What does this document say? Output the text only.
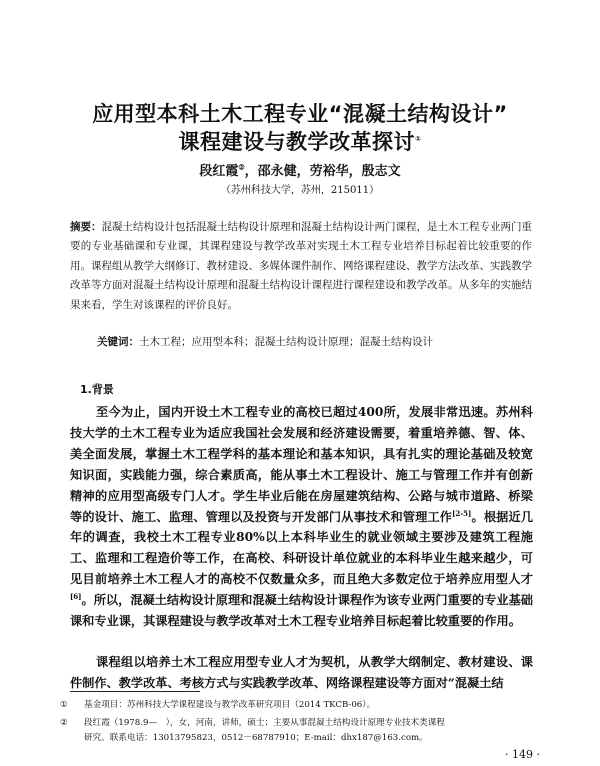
应用型本科土木工程专业“混凝土结构设计”
课程建设与教学改革探讨①
段红霞②，邵永健，劳裕华，殷志文
（苏州科技大学，苏州，215011）

摘要：混凝土结构设计包括混凝土结构设计原理和混凝土结构设计两门课程，是土木工程专业两门重要的专业基础课和专业课，其课程建设与教学改革对实现土木工程专业培养目标起着比较重要的作用。课程组从教学大纲修订、教材建设、多媒体课件制作、网络课程建设、教学方法改革、实践教学改革等方面对混凝土结构设计原理和混凝土结构设计课程进行课程建设和教学改革。从多年的实施结果来看，学生对该课程的评价良好。

关键词：土木工程；应用型本科；混凝土结构设计原理；混凝土结构设计

1.背景

至今为止，国内开设土木工程专业的高校已超过400所，发展非常迅速。苏州科技大学的土木工程专业为适应我国社会发展和经济建设需要，着重培养德、智、体、美全面发展，掌握土木工程学科的基本理论和基本知识，具有扎实的理论基础及较宽知识面，实践能力强，综合素质高，能从事土木工程设计、施工与管理工作并有创新精神的应用型高级专门人才。学生毕业后能在房屋建筑结构、公路与城市道路、桥梁等的设计、施工、监理、管理以及投资与开发部门从事技术和管理工作[2-5]。根据近几年的调查，我校土木工程专业80%以上本科毕业生的就业领域主要涉及建筑工程施工、监理和工程造价等工作，在高校、科研设计单位就业的本科毕业生越来越少，可见目前培养土木工程人才的高校不仅数量众多，而且绝大多数定位于培养应用型人才[6]。所以，混凝土结构设计原理和混凝土结构设计课程作为该专业两门重要的专业基础课和专业课，其课程建设与教学改革对土木工程专业培养目标起着比较重要的作用。

课程组以培养土木工程应用型专业人才为契机，从教学大纲制定、教材建设、课件制作、教学改革、考核方式与实践教学改革、网络课程建设等方面对“混凝土结

① 基金项目：苏州科技大学课程建设与教学改革研究项目（2014 TKCB-06）。

② 段红霞（1978.9—　），女，河南，讲师，硕士；主要从事混凝土结构设计原理专业技术类课程
研究。联系电话：13013795823，0512－68787910；E-mail：dhx187@163.com。

· 149 ·
